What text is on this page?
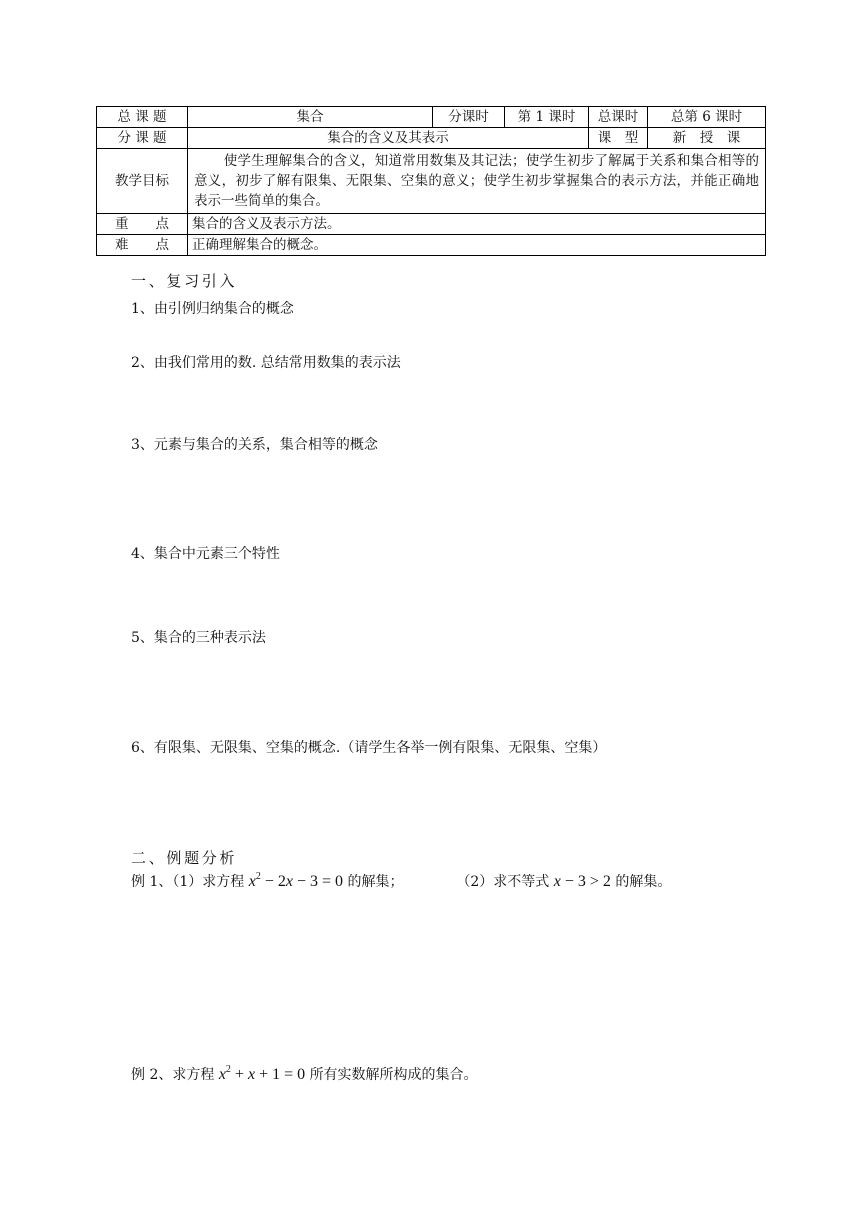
总 课 题	集合	分课时	第 1 课时	总课时	总第 6 课时
分 课 题	集合的含义及其表示			课　型	新　授　课
教学目标	使学生理解集合的含义，知道常用数集及其记法；使学生初步了解属于关系和集合相等的意义，初步了解有限集、无限集、空集的意义；使学生初步掌握集合的表示方法，并能正确地表示一些简单的集合。				
重　　点	集合的含义及表示方法。				
难　　点	正确理解集合的概念。				
一、复习引入
1、由引例归纳集合的概念
2、由我们常用的数. 总结常用数集的表示法
3、元素与集合的关系，集合相等的概念
4、集合中元素三个特性
5、集合的三种表示法
6、有限集、无限集、空集的概念.（请学生各举一例有限集、无限集、空集）
二、例题分析
例 1、（1）求方程 $x^2 - 2x - 3 = 0$ 的解集；	（2）求不等式 x − 3 > 2 的解集。
例 2、求方程 $x^2 + x + 1 = 0$ 所有实数解所构成的集合。
